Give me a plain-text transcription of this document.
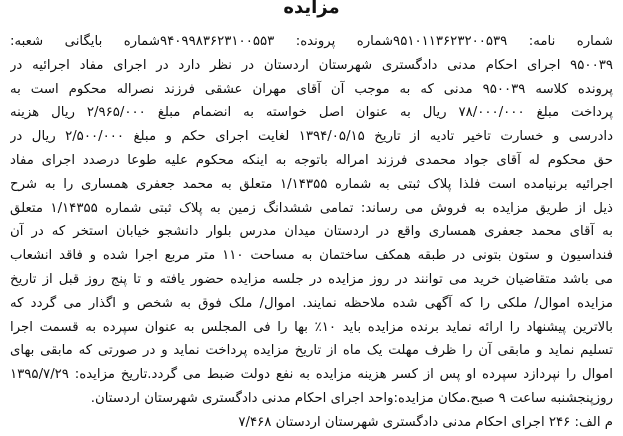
مزایده
شماره نامه: ۹۵۱۰۱۱۳۶۲۳۲۰۰۵۳۹شماره پرونده: ۹۴۰۹۹۸۳۶۲۳۱۰۰۵۵۳شماره بایگانی شعبه:
۹۵۰۰۳۹ اجرای احکام مدنی دادگستری شهرستان اردستان در نظر دارد در اجرای مفاد اجرائیه در
پرونده کلاسه ۹۵۰۰۳۹ مدنی که به موجب آن آقای مهران عشقی فرزند نصراله محکوم است به
پرداخت مبلغ ۷۸/۰۰۰/۰۰۰ ریال به عنوان اصل خواسته به انضمام مبلغ ۲/۹۶۵/۰۰۰ ریال هزینه
دادرسی و خسارت تاخیر تادیه از تاریخ ۱۳۹۴/۰۵/۱۵ لغایت اجرای حکم و مبلغ ۲/۵۰۰/۰۰۰ ریال در
حق محکوم له آقای جواد محمدی فرزند امراله باتوجه به اینکه محکوم علیه طوعا درصدد اجرای مفاد
اجرائیه برنیامده است فلذا پلاک ثبتی به شماره ۱/۱۴۳۵۵ متعلق به محمد جعفری همساری را به شرح
ذیل از طریق مزایده به فروش می رساند: تمامی ششدانگ زمین به پلاک ثبتی شماره ۱/۱۴۳۵۵ متعلق
به آقای محمد جعفری همساری واقع در اردستان میدان مدرس بلوار دانشجو خیابان استخر که در آن
فنداسیون و ستون بتونی در طبقه همکف ساختمان به مساحت ۱۱۰ متر مربع اجرا شده و فاقد انشعاب
می باشد متقاضیان خرید می توانند در روز مزایده در جلسه مزایده حضور یافته و تا پنج روز قبل از تاریخ
مزایده اموال/ ملکی را که آگهی شده ملاحظه نمایند. اموال/ ملک فوق به شخص و اگذار می گردد که
بالاترین پیشنهاد را ارائه نماید برنده مزایده باید ۱۰٪ بها را فی المجلس به عنوان سپرده به قسمت اجرا
تسلیم نماید و مابقی آن را ظرف مهلت یک ماه از تاریخ مزایده پرداخت نماید و در صورتی که مابقی بهای
اموال را نپردازد سپرده او پس از کسر هزینه مزایده به نفع دولت ضبط می گردد.تاریخ مزایده: ۱۳۹۵/۷/۲۹
روزپنجشنبه ساعت ۹ صبح.مکان مزایده:واحد اجرای احکام مدنی دادگستری شهرستان اردستان.
م الف: ۲۴۶ اجرای احکام مدنی دادگستری شهرستان اردستان ۷/۴۶۸
